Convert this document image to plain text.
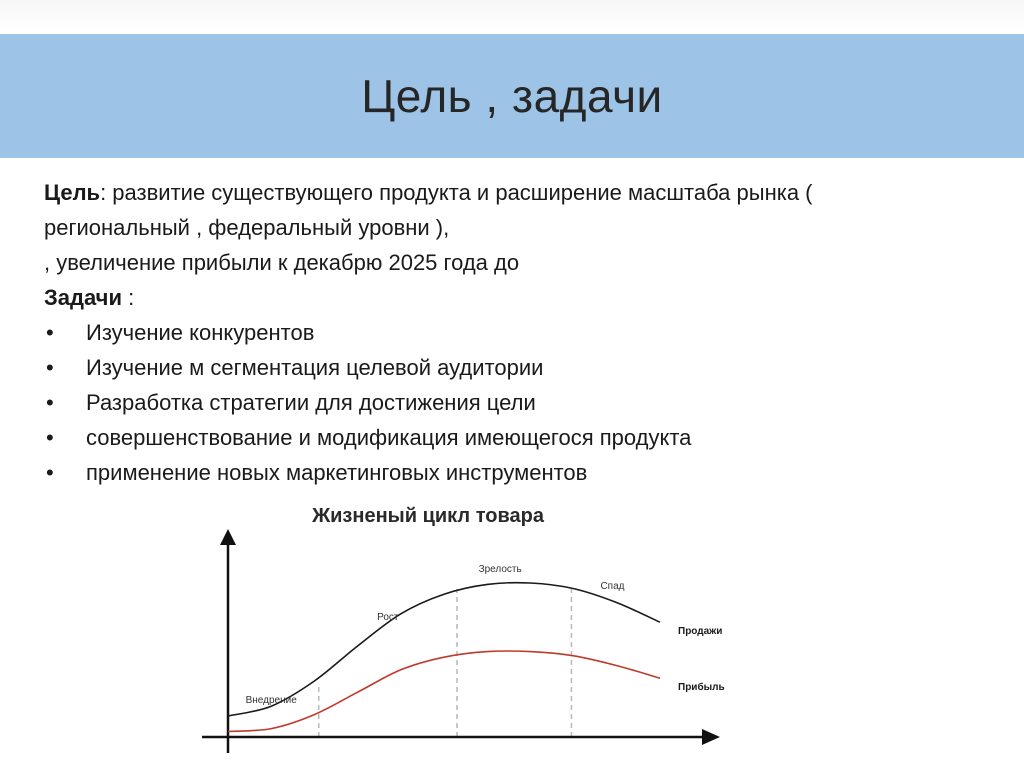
Цель , задачи

Цель: развитие существующего продукта и расширение масштаба рынка (

региональный , федеральный уровни ),

, увеличение прибыли к декабрю 2025 года до

Задачи :

• Изучение конкурентов
• Изучение м сегментация целевой аудитории
• Разработка стратегии для достижения цели
• совершенствование и модификация имеющегося продукта
• применение новых маркетинговых инструментов
Жизненый цикл товара
Продажи
Прибыль
Внедрение
Рост
Зрелость
Спад
